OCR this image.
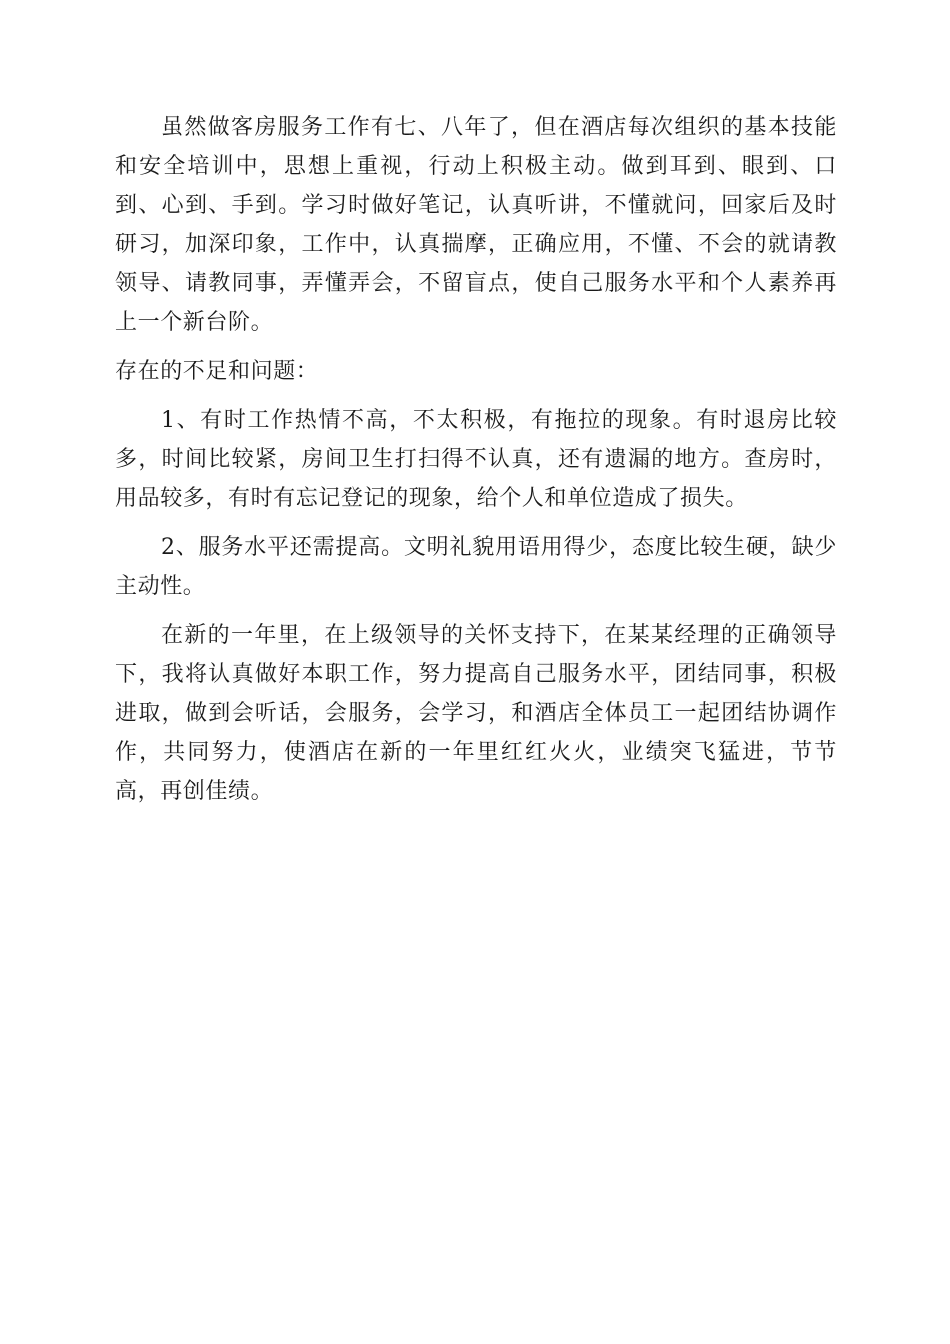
虽然做客房服务工作有七、八年了，但在酒店每次组织的基本技能和安全培训中，思想上重视，行动上积极主动。做到耳到、眼到、口到、心到、手到。学习时做好笔记，认真听讲，不懂就问，回家后及时研习，加深印象，工作中，认真揣摩，正确应用，不懂、不会的就请教领导、请教同事，弄懂弄会，不留盲点，使自己服务水平和个人素养再上一个新台阶。

存在的不足和问题：

1、有时工作热情不高，不太积极，有拖拉的现象。有时退房比较多，时间比较紧，房间卫生打扫得不认真，还有遗漏的地方。查房时，用品较多，有时有忘记登记的现象，给个人和单位造成了损失。

2、服务水平还需提高。文明礼貌用语用得少，态度比较生硬，缺少主动性。

在新的一年里，在上级领导的关怀支持下，在某某经理的正确领导下，我将认真做好本职工作，努力提高自己服务水平，团结同事，积极进取，做到会听话，会服务，会学习，和酒店全体员工一起团结协调作作，共同努力，使酒店在新的一年里红红火火，业绩突飞猛进，节节高，再创佳绩。
